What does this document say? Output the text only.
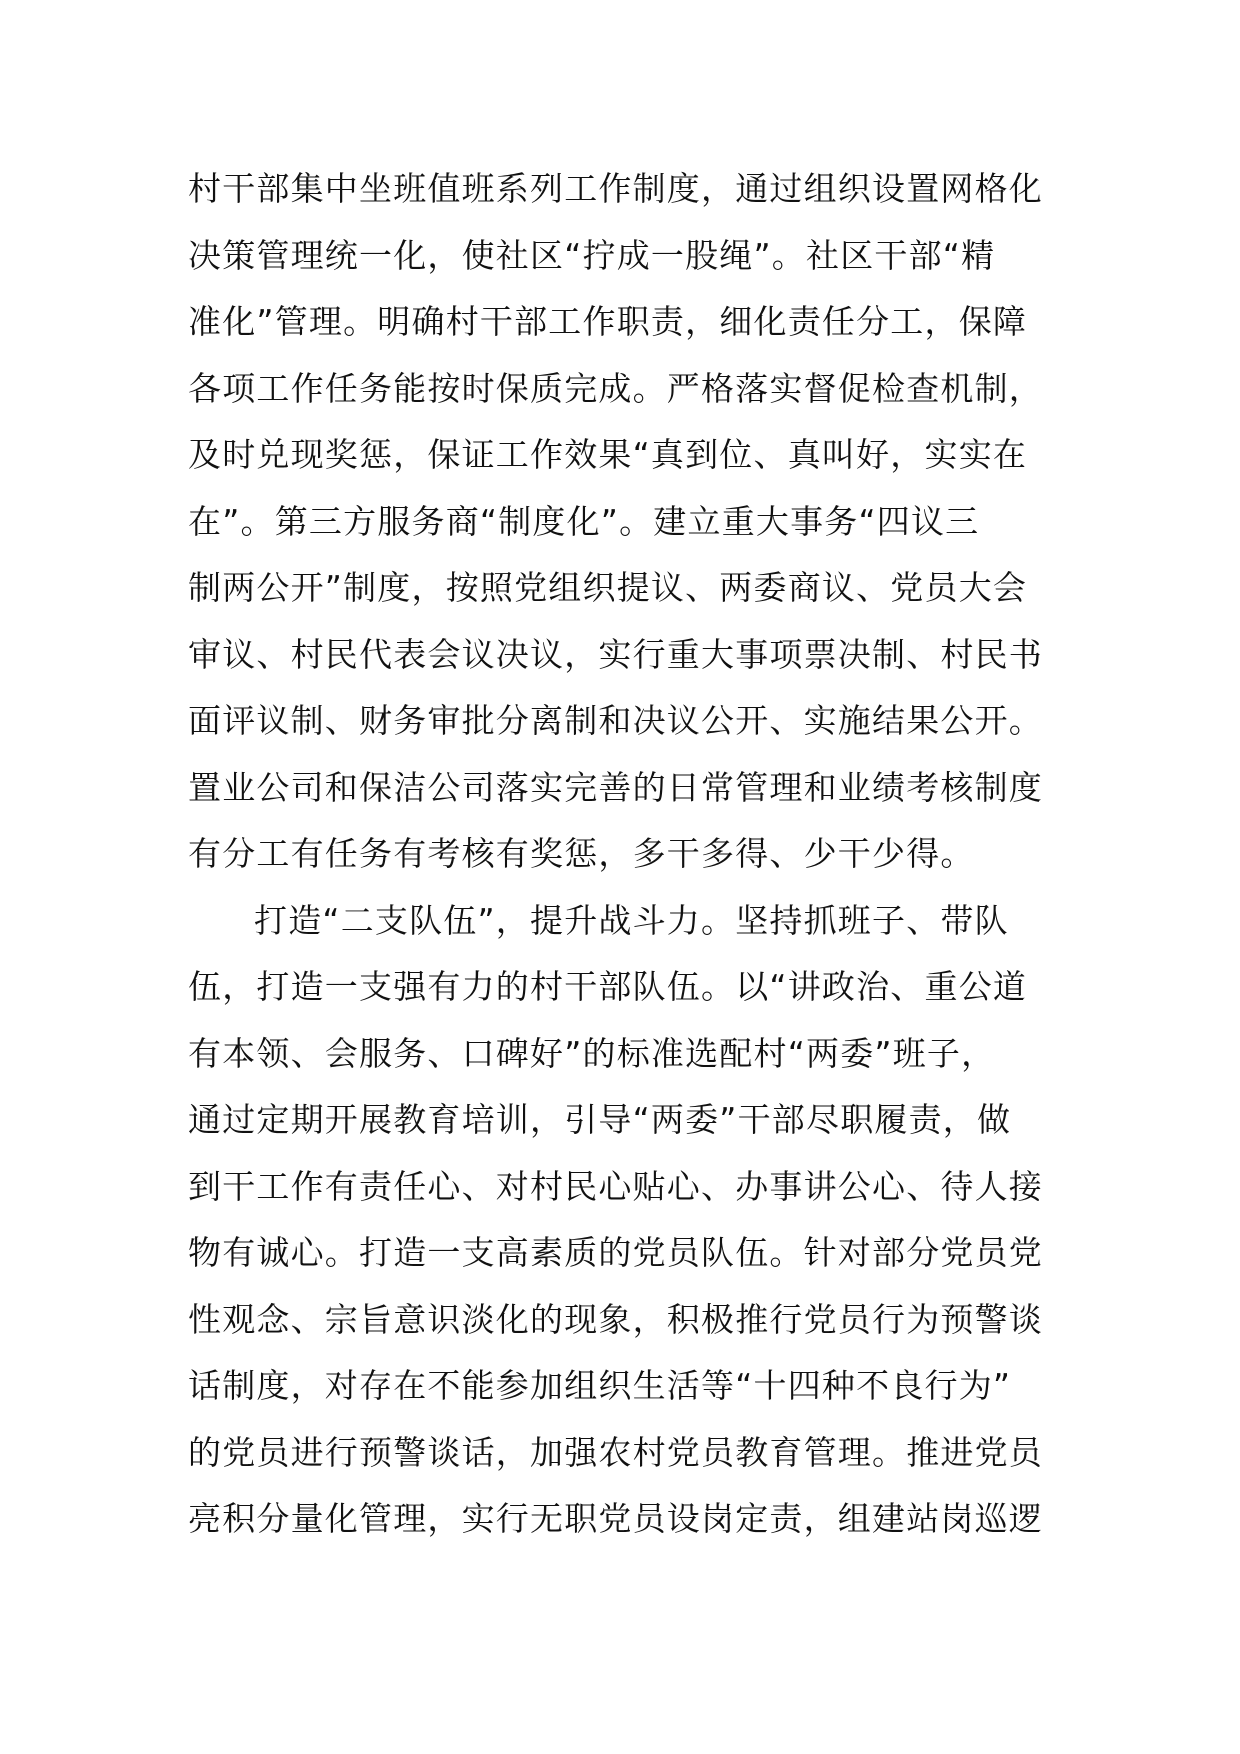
村干部集中坐班值班系列工作制度，通过组织设置网格化
决策管理统一化，使社区“拧成一股绳”。社区干部“精
准化”管理。明确村干部工作职责，细化责任分工，保障
各项工作任务能按时保质完成。严格落实督促检查机制，
及时兑现奖惩，保证工作效果“真到位、真叫好，实实在
在”。第三方服务商“制度化”。建立重大事务“四议三
制两公开”制度，按照党组织提议、两委商议、党员大会
审议、村民代表会议决议，实行重大事项票决制、村民书
面评议制、财务审批分离制和决议公开、实施结果公开。
置业公司和保洁公司落实完善的日常管理和业绩考核制度
有分工有任务有考核有奖惩，多干多得、少干少得。
打造“二支队伍”，提升战斗力。坚持抓班子、带队
伍，打造一支强有力的村干部队伍。以“讲政治、重公道
有本领、会服务、口碑好”的标准选配村“两委”班子，
通过定期开展教育培训，引导“两委”干部尽职履责，做
到干工作有责任心、对村民心贴心、办事讲公心、待人接
物有诚心。打造一支高素质的党员队伍。针对部分党员党
性观念、宗旨意识淡化的现象，积极推行党员行为预警谈
话制度，对存在不能参加组织生活等“十四种不良行为”
的党员进行预警谈话，加强农村党员教育管理。推进党员
亮积分量化管理，实行无职党员设岗定责，组建站岗巡逻
